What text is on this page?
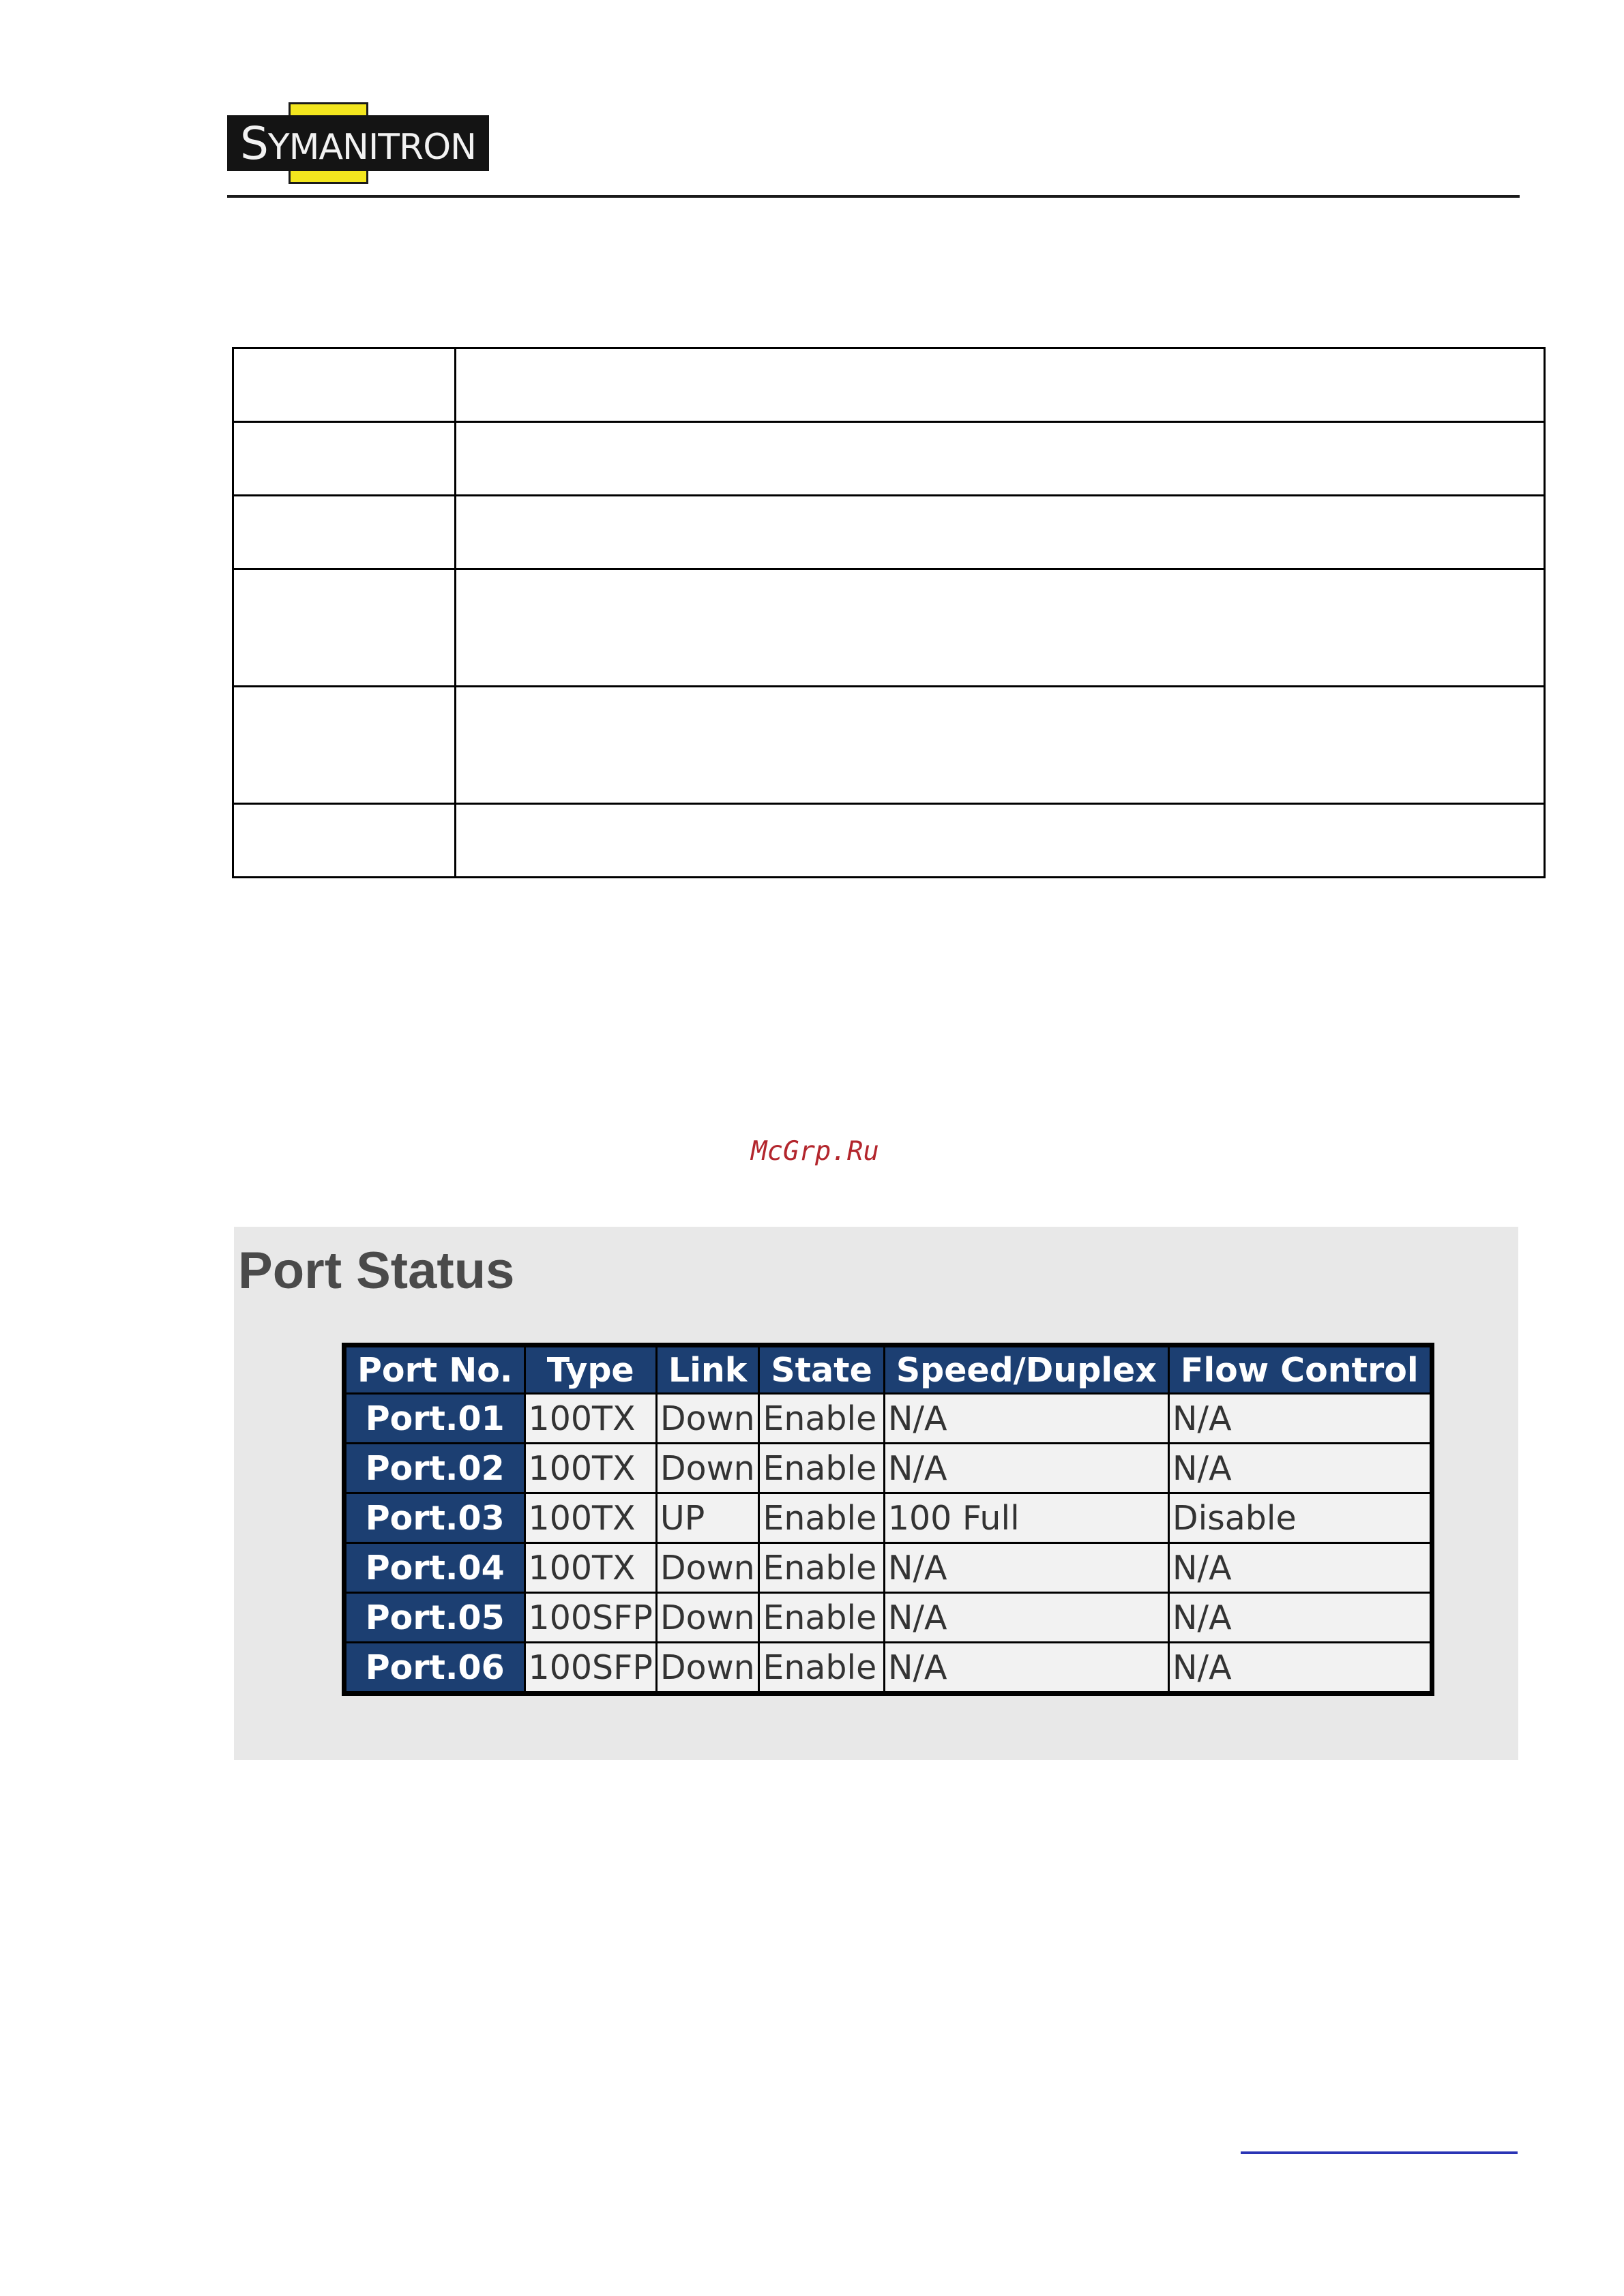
SYMANITRON

McGrp.Ru
Port Status
Port No.	Type	Link	State	Speed/Duplex	Flow Control
Port.01	100TX	Down	Enable	N/A	N/A
Port.02	100TX	Down	Enable	N/A	N/A
Port.03	100TX	UP	Enable	100 Full	Disable
Port.04	100TX	Down	Enable	N/A	N/A
Port.05	100SFP	Down	Enable	N/A	N/A
Port.06	100SFP	Down	Enable	N/A	N/A
